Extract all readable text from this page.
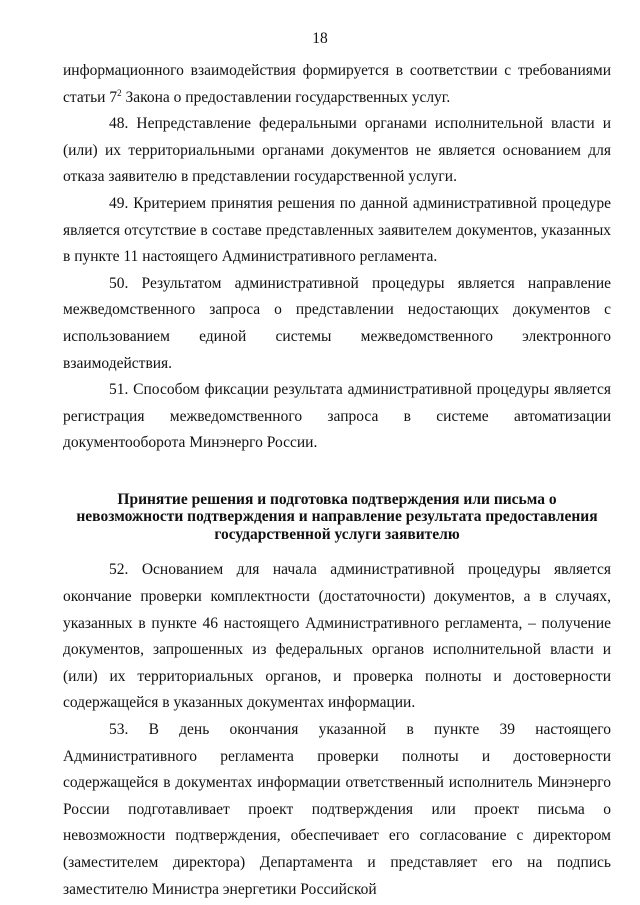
18

информационного взаимодействия формируется в соответствии с требованиями статьи $7^2$ Закона о предоставлении государственных услуг.

48. Непредставление федеральными органами исполнительной власти и (или) их территориальными органами документов не является основанием для отказа заявителю в представлении государственной услуги.

49. Критерием принятия решения по данной административной процедуре является отсутствие в составе представленных заявителем документов, указанных в пункте 11 настоящего Административного регламента.

50. Результатом административной процедуры является направление межведомственного запроса о представлении недостающих документов с использованием единой системы межведомственного электронного взаимодействия.

51. Способом фиксации результата административной процедуры является регистрация межведомственного запроса в системе автоматизации документооборота Минэнерго России.

Принятие решения и подготовка подтверждения или письма о невозможности подтверждения и направление результата предоставления государственной услуги заявителю

52. Основанием для начала административной процедуры является окончание проверки комплектности (достаточности) документов, а в случаях, указанных в пункте 46 настоящего Административного регламента, – получение документов, запрошенных из федеральных органов исполнительной власти и (или) их территориальных органов, и проверка полноты и достоверности содержащейся в указанных документах информации.

53. В день окончания указанной в пункте 39 настоящего Административного регламента проверки полноты и достоверности содержащейся в документах информации ответственный исполнитель Минэнерго России подготавливает проект подтверждения или проект письма о невозможности подтверждения, обеспечивает его согласование с директором (заместителем директора) Департамента и представляет его на подпись заместителю Министра энергетики Российской
